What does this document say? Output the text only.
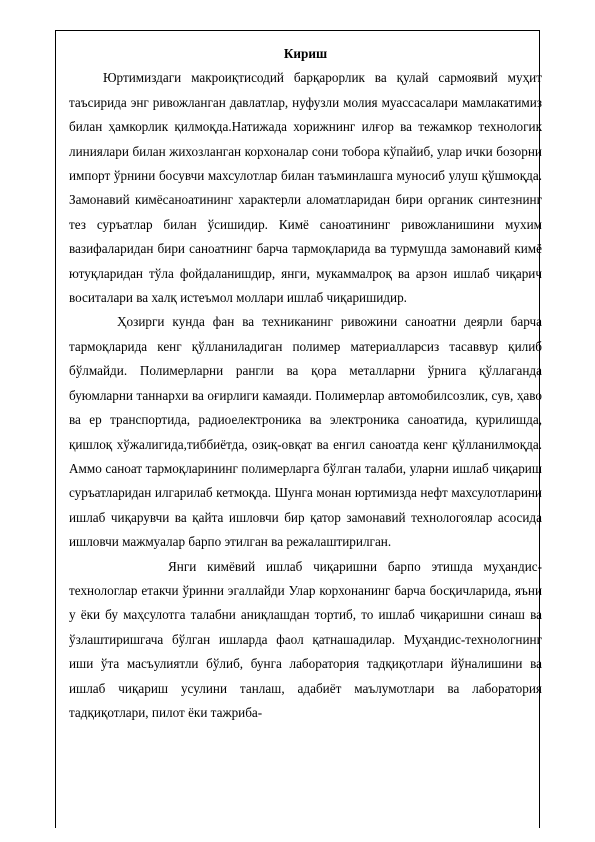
Кириш

Юртимиздаги макроиқтисодий барқарорлик ва қулай сармоявий муҳит таъсирида энг ривожланган давлатлар, нуфузли молия муассасалари мамлакатимиз билан ҳамкорлик қилмоқда.Натижада хорижнинг илғор ва тежамкор технологик линиялари билан жихозланган корхоналар сони тобора кўпайиб, улар ички бозорни импорт ўрнини босувчи махсулотлар билан таъминлашга муносиб улуш қўшмоқда. Замонавий кимёсаноатининг характерли аломатларидан бири органик синтезнинг тез суръатлар билан ўсишидир. Кимё саноатининг ривожланишини мухим вазифаларидан бири саноатнинг барча тармоқларида ва турмушда замонавий кимё ютуқларидан тўла фойдаланишдир, янги, мукаммалроқ ва арзон ишлаб чиқарич воситалари ва халқ истеъмол моллари ишлаб чиқаришидир.

Ҳозирги кунда фан ва техниканинг ривожини саноатни деярли барча тармоқларида кенг қўлланиладиган полимер материалларсиз тасаввур қилиб бўлмайди. Полимерларни рангли ва қора металларни ўрнига қўллаганда буюмларни таннархи ва оғирлиги камаяди. Полимерлар автомобилсозлик, сув, ҳаво ва ер транспортида, радиоелектроника ва электроника саноатида, қурилишда, қишлоқ хўжалигида,тиббиётда, озиқ-овқат ва енгил саноатда кенг қўлланилмоқда. Аммо саноат тармоқларининг полимерларга бўлган талаби, уларни ишлаб чиқариш суръатларидан илгарилаб кетмоқда. Шунга монан юртимизда нефт махсулотларини ишлаб чиқарувчи ва қайта ишловчи бир қатор замонавий технологоялар асосида ишловчи мажмуалар барпо этилган ва режалаштирилган.

Янги кимёвий ишлаб чиқаришни барпо этишда муҳандис-технологлар етакчи ўринни эгаллайди Улар корхонанинг барча босқичларида, яъни у ёки бу маҳсулотга талабни аниқлашдан тортиб, то ишлаб чиқаришни синаш ва ўзлаштиришгача бўлган ишларда фаол қатнашадилар. Муҳандис-технологнинг иши ўта масъулиятли бўлиб, бунга лаборатория тадқиқотлари йўналишини ва ишлаб чиқариш усулини танлаш, адабиёт маълумотлари ва лаборатория тадқиқотлари, пилот ёки тажриба-
